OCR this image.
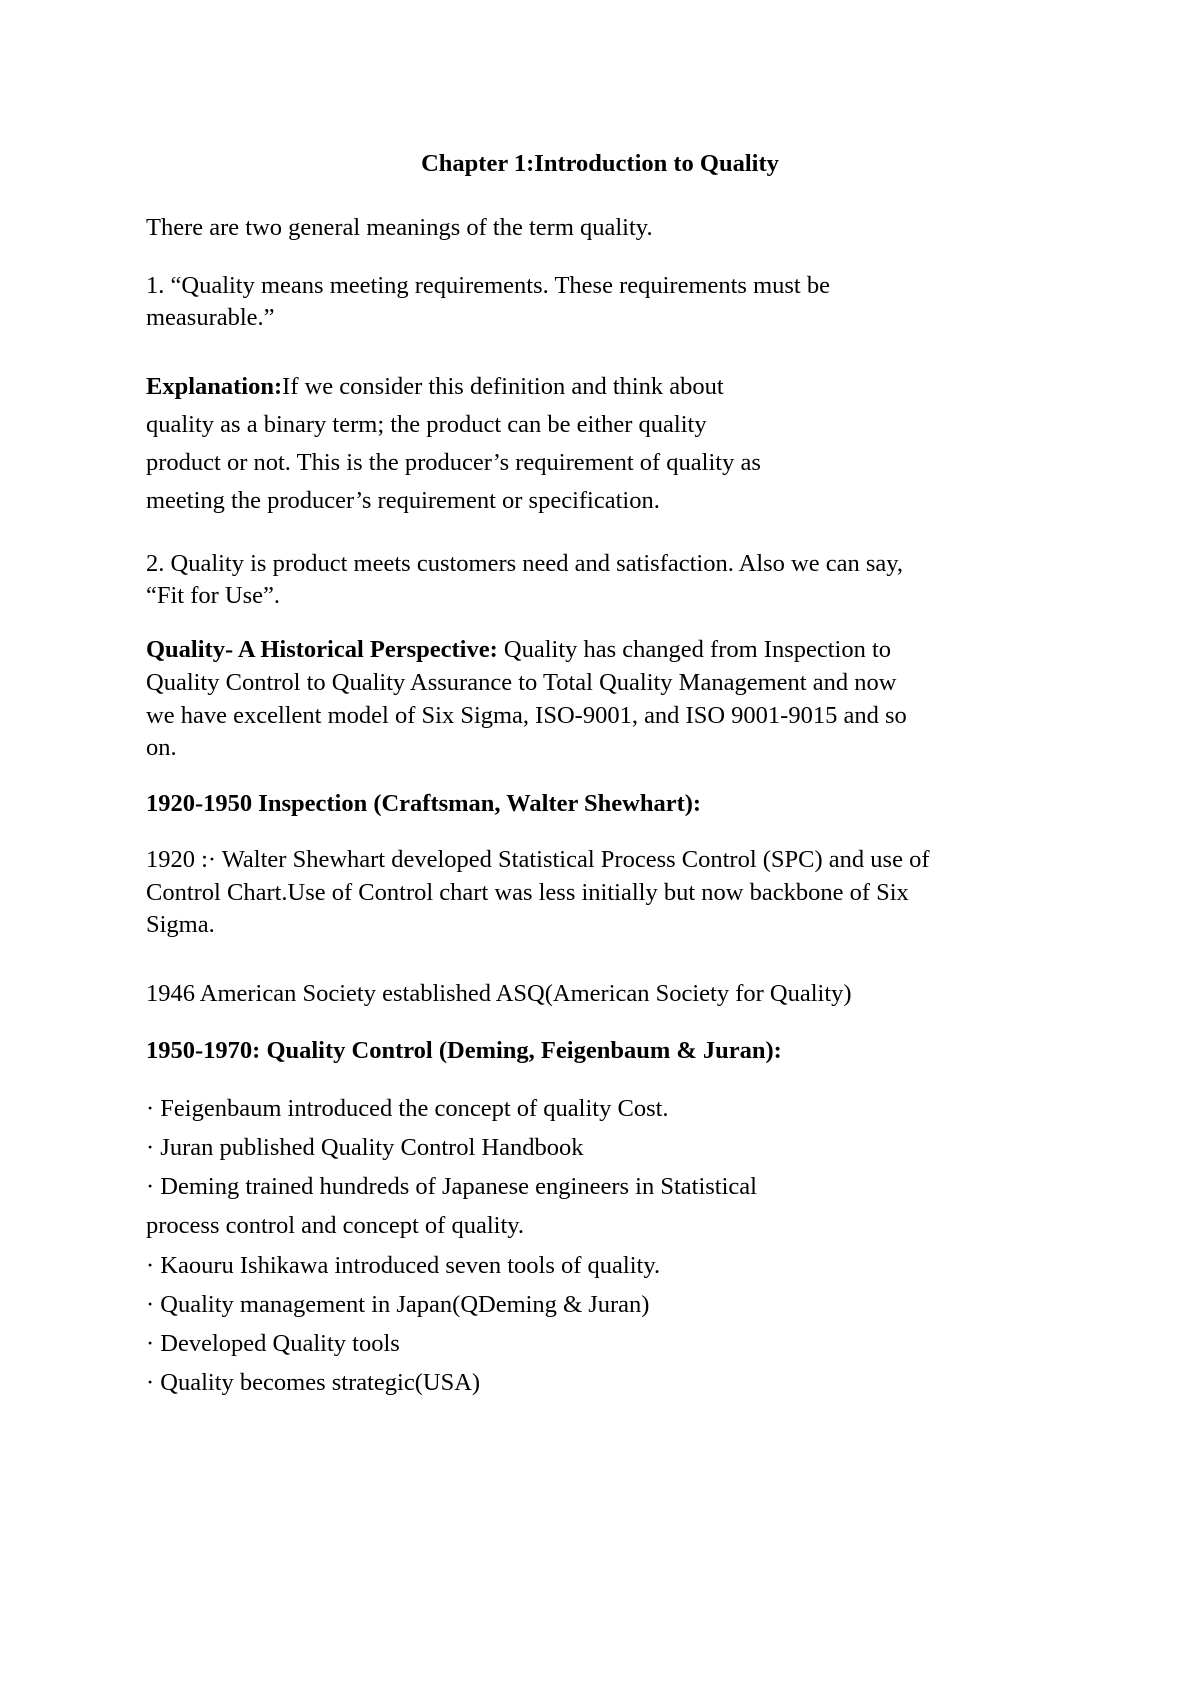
Chapter 1:Introduction to Quality

There are two general meanings of the term quality.

1. “Quality means meeting requirements. These requirements must be

measurable.”

Explanation:If we consider this definition and think about

quality as a binary term; the product can be either quality

product or not. This is the producer’s requirement of quality as

meeting the producer’s requirement or specification.

2. Quality is product meets customers need and satisfaction. Also we can say,

“Fit for Use”.

Quality- A Historical Perspective: Quality has changed from Inspection to

Quality Control to Quality Assurance to Total Quality Management and now

we have excellent model of Six Sigma, ISO-9001, and ISO 9001-9015 and so

on.

1920-1950 Inspection (Craftsman, Walter Shewhart):

1920 :· Walter Shewhart developed Statistical Process Control (SPC) and use of

Control Chart.Use of Control chart was less initially but now backbone of Six

Sigma.

1946 American Society established ASQ(American Society for Quality)

1950-1970: Quality Control (Deming, Feigenbaum & Juran):

· Feigenbaum introduced the concept of quality Cost.

· Juran published Quality Control Handbook

· Deming trained hundreds of Japanese engineers in Statistical

process control and concept of quality.

· Kaouru Ishikawa introduced seven tools of quality.

· Quality management in Japan(QDeming & Juran)

· Developed Quality tools

· Quality becomes strategic(USA)
